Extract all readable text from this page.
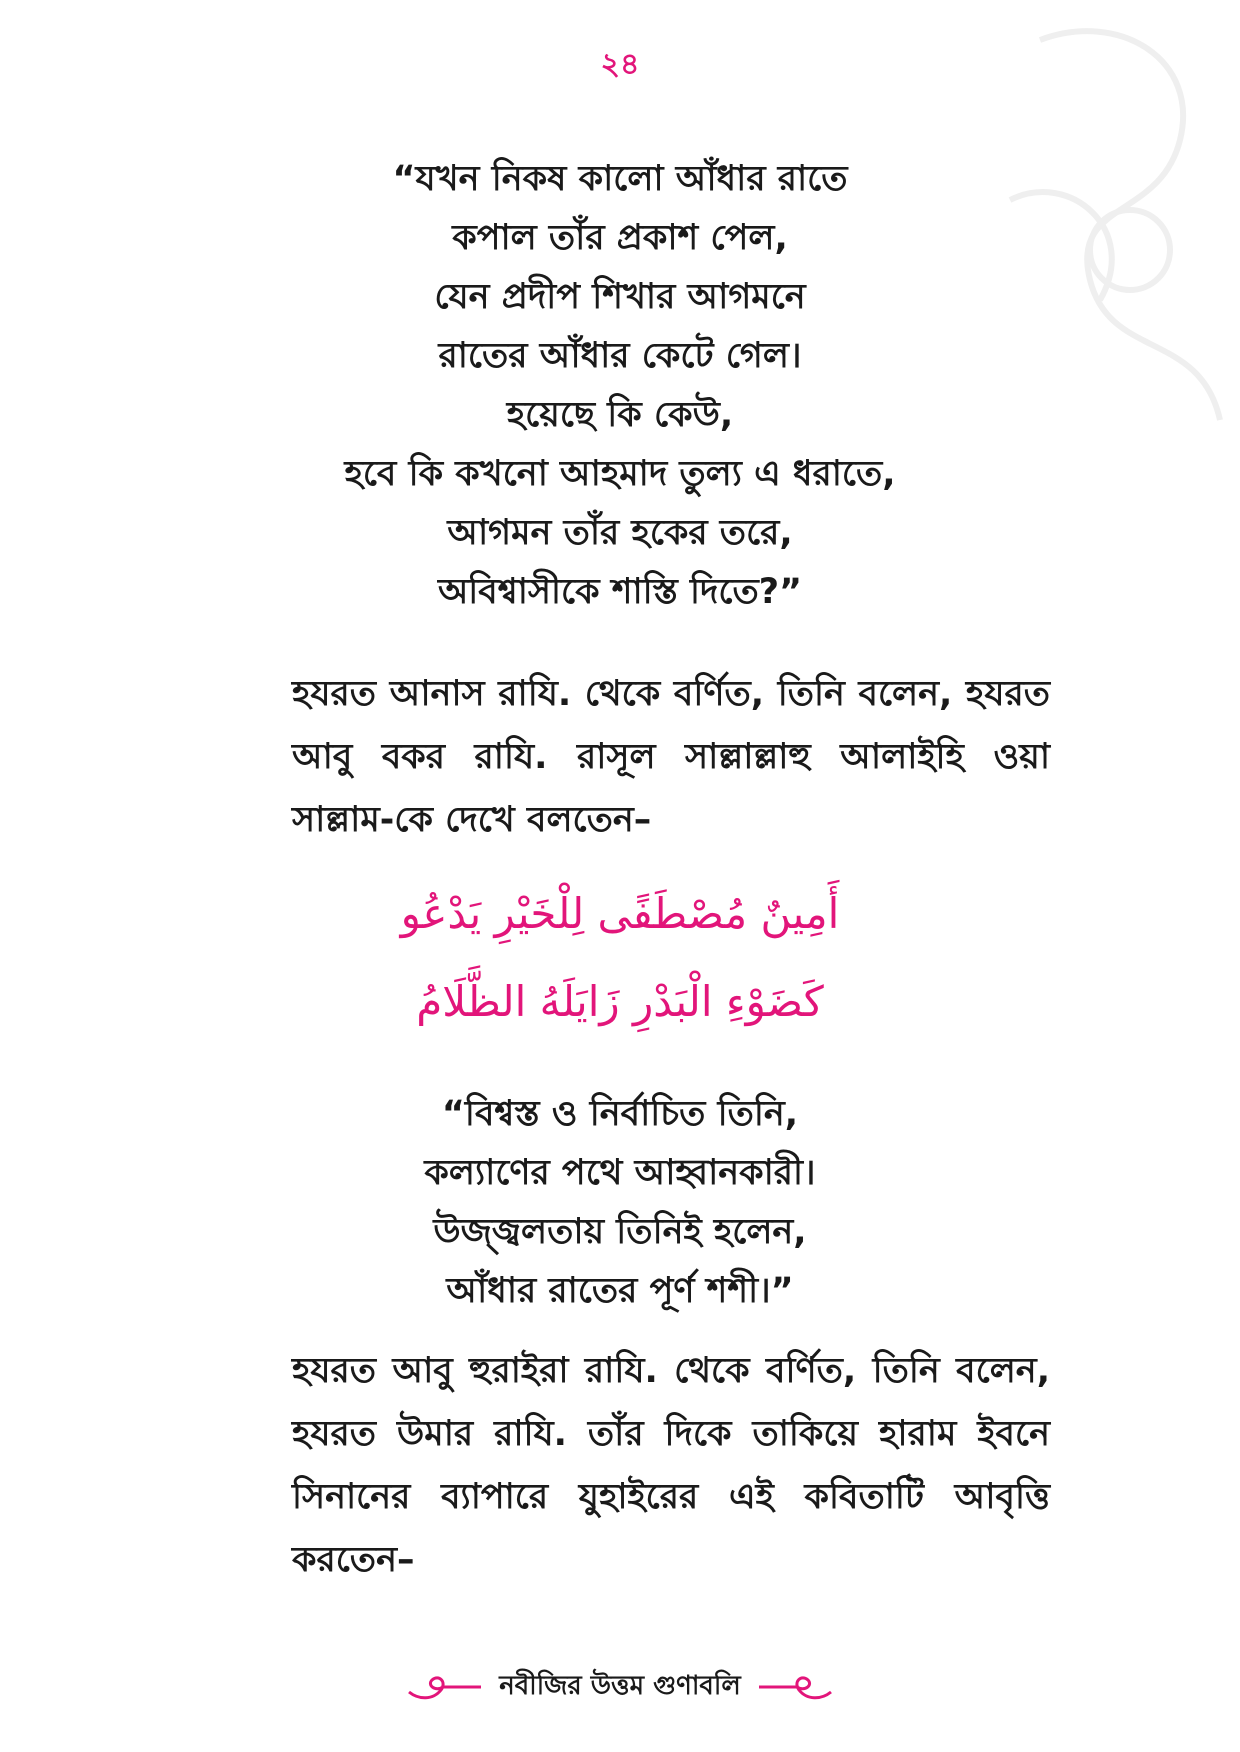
২৪
“যখন নিকষ কালো আঁধার রাতে
কপাল তাঁর প্রকাশ পেল,
যেন প্রদীপ শিখার আগমনে
রাতের আঁধার কেটে গেল।
হয়েছে কি কেউ,
হবে কি কখনো আহমাদ তুল্য এ ধরাতে,
আগমন তাঁর হকের তরে,
অবিশ্বাসীকে শাস্তি দিতে?”

হযরত আনাস রাযি. থেকে বর্ণিত, তিনি বলেন, হযরত আবু বকর রাযি. রাসূল সাল্লাল্লাহু আলাইহি ওয়া সাল্লাম-কে দেখে বলতেন–

أَمِينٌ مُصْطَفًى لِلْخَيْرِ يَدْعُو
كَضَوْءِ الْبَدْرِ زَايَلَهُ الظَّلَامُ
“বিশ্বস্ত ও নির্বাচিত তিনি,
কল্যাণের পথে আহ্বানকারী।
উজ্জ্বলতায় তিনিই হলেন,
আঁধার রাতের পূর্ণ শশী।”

হযরত আবু হুরাইরা রাযি. থেকে বর্ণিত, তিনি বলেন, হযরত উমার রাযি. তাঁর দিকে তাকিয়ে হারাম ইবনে সিনানের ব্যাপারে যুহাইরের এই কবিতাটি আবৃত্তি করতেন–

নবীজির উত্তম গুণাবলি
